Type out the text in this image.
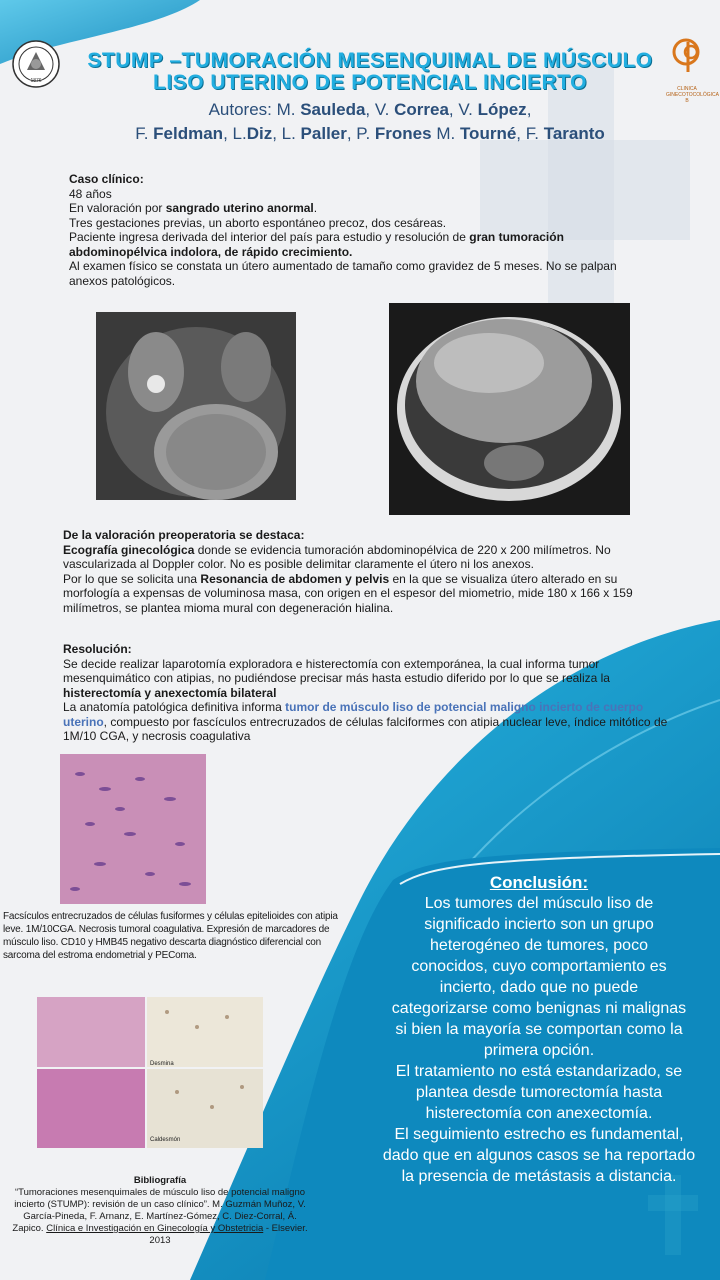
1876
CLINICA GINECOTOCOLÓGICA B
STUMP –TUMORACIÓN MESENQUIMAL DE MÚSCULO
LISO UTERINO DE POTENCIAL INCIERTO
Autores: M. Sauleda, V. Correa, V. López,
F. Feldman, L.Diz, L. Paller, P. Frones M. Tourné, F. Taranto
Caso clínico:

48 años

En valoración por sangrado uterino anormal.

Tres gestaciones previas, un aborto espontáneo precoz, dos cesáreas.

Paciente ingresa derivada del interior del país para estudio y resolución de gran tumoración abdominopélvica indolora, de rápido crecimiento.

Al examen físico se constata un útero aumentado de tamaño como gravidez de 5 meses. No se palpan anexos patológicos.

De la valoración preoperatoria se destaca:

Ecografía ginecológica donde se evidencia tumoración abdominopélvica de 220 x 200 milímetros. No vascularizada al Doppler color. No es posible delimitar claramente el útero ni los anexos.

Por lo que se solicita una Resonancia de abdomen y pelvis en la que se visualiza útero alterado en su morfología a expensas de voluminosa masa, con origen en el espesor del miometrio, mide 180 x 166 x 159 milímetros, se plantea mioma mural con degeneración hialina.

Resolución:

Se decide realizar laparotomía exploradora e histerectomía con extemporánea, la cual informa tumor mesenquimático con atipias, no pudiéndose precisar más hasta estudio diferido por lo que se realiza la histerectomía y anexectomía bilateral

La anatomía patológica definitiva informa tumor de músculo liso de potencial maligno incierto de cuerpo uterino, compuesto por fascículos entrecruzados de células falciformes con atipia nuclear leve, índice mitótico de 1M/10 CGA, y necrosis coagulativa

Facsículos entrecruzados de células fusiformes y células epitelioides con atipia leve. 1M/10CGA. Necrosis tumoral coagulativa. Expresión de marcadores de músculo liso. CD10 y HMB45 negativo descarta diagnóstico diferencial con sarcoma del estroma endometrial y PEComa.
Desmina
Caldesmón
Bibliografía
“Tumoraciones mesenquimales de músculo liso de potencial maligno incierto (STUMP): revisión de un caso clínico”. M. Guzmán Muñoz, V. García-Pineda, F. Arnanz, E. Martínez-Gómez, C. Diez-Corral, Á. Zapico. Clínica e Investigación en Ginecología y Obstetricia - Elsevier. 2013
Conclusión:
Los tumores del músculo liso de significado incierto son un grupo heterogéneo de tumores, poco conocidos, cuyo comportamiento es incierto, dado que no puede categorizarse como benignas ni malignas si bien la mayoría se comportan como la primera opción.
El tratamiento no está estandarizado, se plantea desde tumorectomía hasta histerectomía con anexectomía.
El seguimiento estrecho es fundamental, dado que en algunos casos se ha reportado la presencia de metástasis a distancia.
